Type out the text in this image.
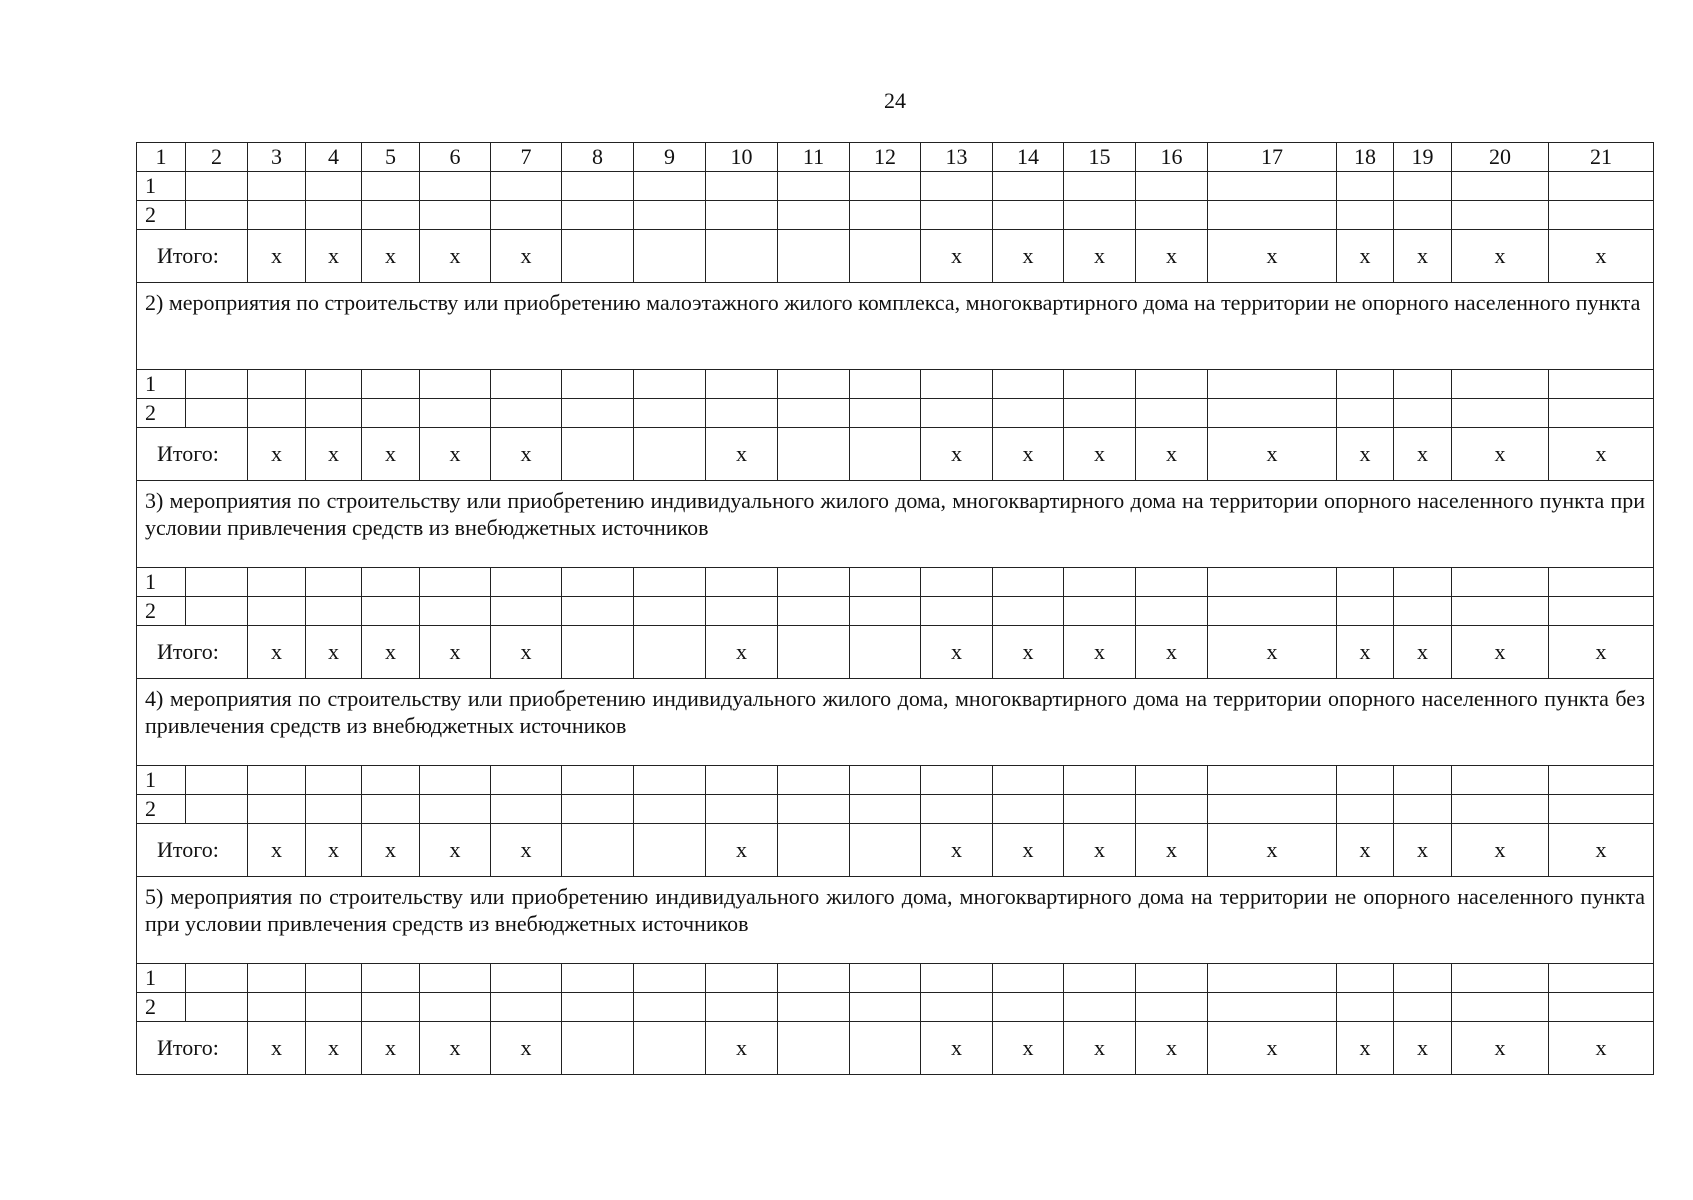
24
1	2	3	4	5	6	7	8	9	10	11	12	13	14	15	16	17	18	19	20	21
1																				
2																				
Итого:		x	x	x	x	x						x	x	x	x	x	x	x	x	x
2) мероприятия по строительству или приобретению малоэтажного жилого комплекса, многоквартирного дома на территории не опорного населенного пункта																				
1																				
2																				
Итого:		x	x	x	x	x			x			x	x	x	x	x	x	x	x	x
3) мероприятия по строительству или приобретению индивидуального жилого дома, многоквартирного дома на территории опорного населенного пункта при условии привлечения средств из внебюджетных источников																				
1																				
2																				
Итого:		x	x	x	x	x			x			x	x	x	x	x	x	x	x	x
4) мероприятия по строительству или приобретению индивидуального жилого дома, многоквартирного дома на территории опорного населенного пункта без привлечения средств из внебюджетных источников																				
1																				
2																				
Итого:		x	x	x	x	x			x			x	x	x	x	x	x	x	x	x
5) мероприятия по строительству или приобретению индивидуального жилого дома, многоквартирного дома на территории не опорного населенного пункта при условии привлечения средств из внебюджетных источников																				
1																				
2																				
Итого:		x	x	x	x	x			x			x	x	x	x	x	x	x	x	x
